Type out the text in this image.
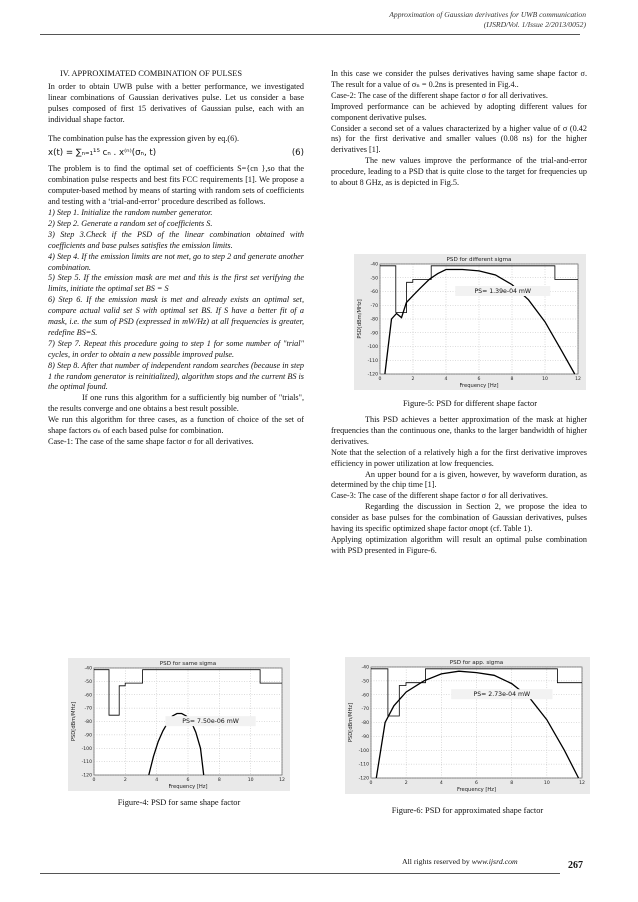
Approximation of Gaussian derivatives for UWB communication
(IJSRD/Vol. 1/Issue 2/2013/0052)

IV. APPROXIMATED COMBINATION OF PULSES

In order to obtain UWB pulse with a better performance, we investigated linear combinations of Gaussian derivatives pulse. Let us consider a base pulses composed of first 15 derivatives of Gaussian pulse, each with an individual shape factor.

The combination pulse has the expression given by eq.(6).

x(t) = ∑ₙ₌₁¹⁵ cₙ . x⁽ⁿ⁾(σₙ, t)	(6)

The problem is to find the optimal set of coefficients S={cn },so that the combination pulse respects and best fits FCC requirements [1]. We propose a computer-based method by means of starting with random sets of coefficients and testing with a ‘trial-and-error’ procedure described as follows.

1) Step 1. Initialize the random number generator.

2) Step 2. Generate a random set of coefficients S.

3) Step 3.Check if the PSD of the linear combination obtained with coefficients and base pulses satisfies the emission limits.

4) Step 4. If the emission limits are not met, go to step 2 and generate another combination.

5) Step 5. If the emission mask are met and this is the first set verifying the limits, initiate the optimal set BS = S

6) Step 6. If the emission mask is met and already exists an optimal set, compare actual valid set S with optimal set BS. If S have a better fit of a mask, i.e. the sum of PSD (expressed in mW/Hz) at all frequencies is greater, redefine BS=S.

7) Step 7. Repeat this procedure going to step 1 for some number of "trial" cycles, in order to obtain a new possible improved pulse.

8) Step 8. After that number of independent random searches (because in step 1 the random generator is reinitialized), algorithm stops and the current BS is the optimal found.

If one runs this algorithm for a sufficiently big number of "trials", the results converge and one obtains a best result possible.

We run this algorithm for three cases, as a function of choice of the set of shape factors σₙ of each based pulse for combination.

Case-1: The case of the same shape factor σ for all derivatives.

In this case we consider the pulses derivatives having same shape factor σ. The result for a value of σₙ = 0.2ns is presented in Fig.4..

Case-2: The case of the different shape factor σ for all derivatives.

Improved performance can be achieved by adopting different values for component derivative pulses.

Consider a second set of a values characterized by a higher value of σ (0.42 ns) for the first derivative and smaller values (0.08 ns) for the higher derivatives [1].

The new values improve the performance of the trial-and-error procedure, leading to a PSD that is quite close to the target for frequencies up to about 8 GHz, as is depicted in Fig.5.

This PSD achieves a better approximation of the mask at higher frequencies than the continuous one, thanks to the larger bandwidth of higher derivatives.

Note that the selection of a relatively high a for the first derivative improves efficiency in power utilization at low frequencies.

An upper bound for a is given, however, by waveform duration, as determined by the chip time [1].

Case-3: The case of the different shape factor σ for all derivatives.

Regarding the discussion in Section 2, we propose the idea to consider as base pulses for the combination of Gaussian derivatives, pulses having its specific optimized shape factor σnopt (cf. Table 1).

Applying optimization algorithm will result an optimal pulse combination with PSD presented in Figure-6.

0	2	4	6	8	10	12
-40
-50
-60
-70
-80
-90
-100
-110
-120
PSD for different sigma
Frequency [Hz]
PSD[dBm/MHz]
PS= 1.39e-04 mW
Figure-5: PSD for different shape factor
0	2	4	6	8	10	12
-40
-50
-60
-70
-80
-90
-100
-110
-120
PSD for same sigma
Frequency [Hz]
PSD[dBm/MHz]	PS= 7.50e-06 mW
Figure-4: PSD for same shape factor
0	2	4	6	8	10	12
-40
-50
-60
-70
-80
-90
-100
-110
-120
PSD for app. sigma
Frequency [Hz]
PSD[dBm/MHz]
PS= 2.73e-04 mW
Figure-6: PSD for approximated shape factor
All rights reserved by www.ijsrd.com	267
